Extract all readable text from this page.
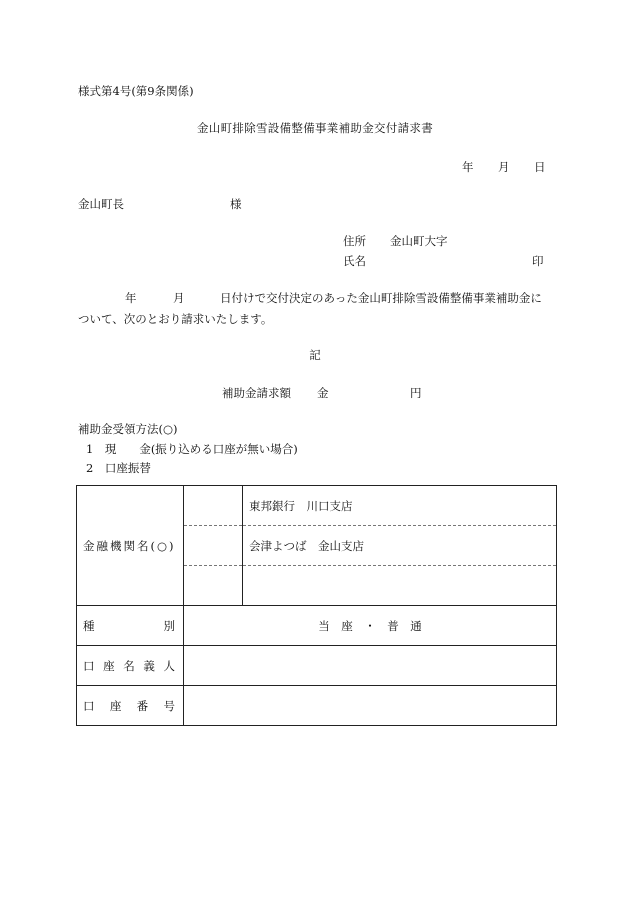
様式第4号(第9条関係)
金山町排除雪設備整備事業補助金交付請求書
年 月 日
金山町長	様
住所 金山町大字
氏名	印
年	月	日付けで交付決定のあった金山町排除雪設備整備事業補助金に
ついて、次のとおり請求いたします。
記
補助金請求額 金	円
補助金受領方法(○)
1　現　　金(振り込める口座が無い場合)
2　口座振替
金融機関名(○)		東邦銀行　川口支店
		会津よつば　金山支店

種 別	当　座　・　普　通	

口 座 名 義 人		

口 座 番 号		
